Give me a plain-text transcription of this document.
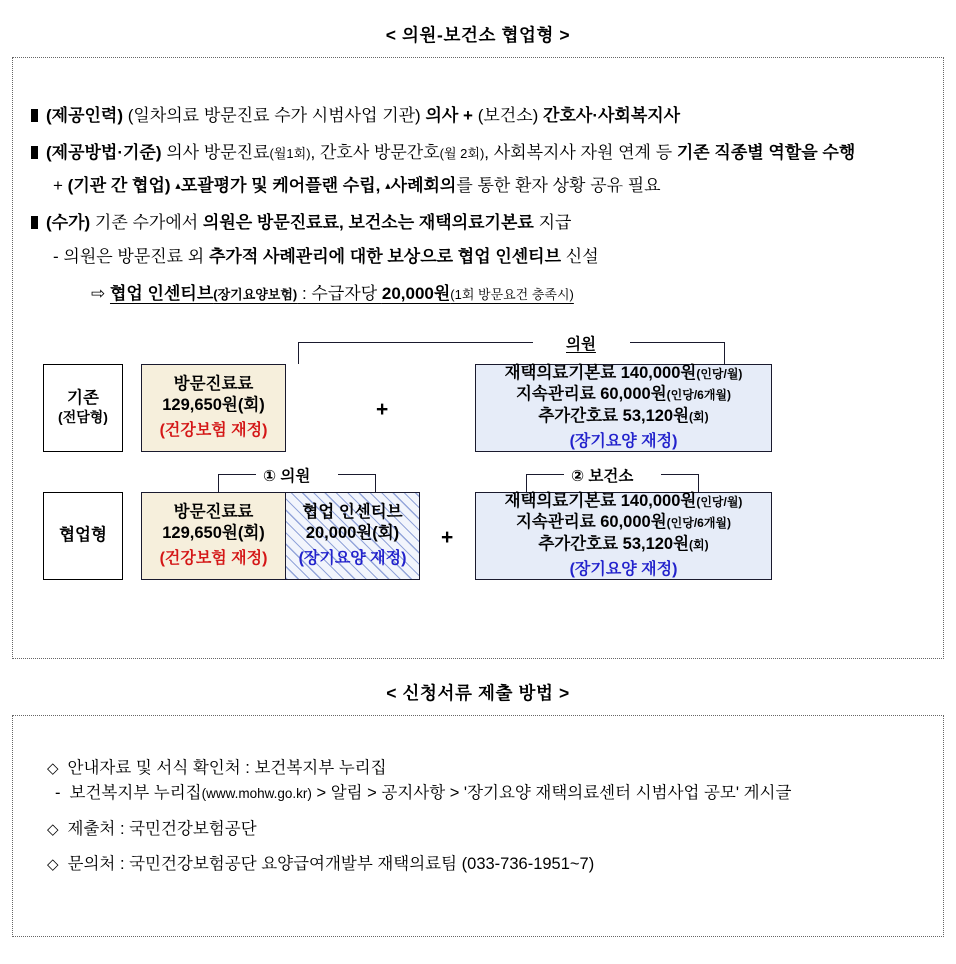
< 의원-보건소 협업형 >
(제공인력) (일차의료 방문진료 수가 시범사업 기관) 의사 + (보건소) 간호사·사회복지사
(제공방법·기준) 의사 방문진료(월1회), 간호사 방문간호(월 2회), 사회복지사 자원 연계 등 기존 직종별 역할을 수행
+ (기관 간 협업) ▴포괄평가 및 케어플랜 수립, ▴사례회의를 통한 환자 상황 공유 필요
(수가) 기존 수가에서 의원은 방문진료료, 보건소는 재택의료기본료 지급
- 의원은 방문진료 외 추가적 사례관리에 대한 보상으로 협업 인센티브 신설
⇨ 협업 인센티브(장기요양보험) : 수급자당 20,000원(1회 방문요건 충족시)
의원
기존
(전담형)
방문진료료
129,650원(회)
(건강보험 재정)
+
재택의료기본료 140,000원(인당/월)
지속관리료 60,000원(인당/6개월)
추가간호료 53,120원(회)
(장기요양 재정)
① 의원	② 보건소
협업형
방문진료료
129,650원(회)
(건강보험 재정)
협업 인센티브
20,000원(회)
(장기요양 재정)
+
재택의료기본료 140,000원(인당/월)
지속관리료 60,000원(인당/6개월)
추가간호료 53,120원(회)
(장기요양 재정)
< 신청서류 제출 방법 >
◇ 안내자료 및 서식 확인처 : 보건복지부 누리집
- 보건복지부 누리집(www.mohw.go.kr) > 알림 > 공지사항 > '장기요양 재택의료센터 시범사업 공모' 게시글
◇ 제출처 : 국민건강보험공단
◇ 문의처 : 국민건강보험공단 요양급여개발부 재택의료팀 (033-736-1951~7)
